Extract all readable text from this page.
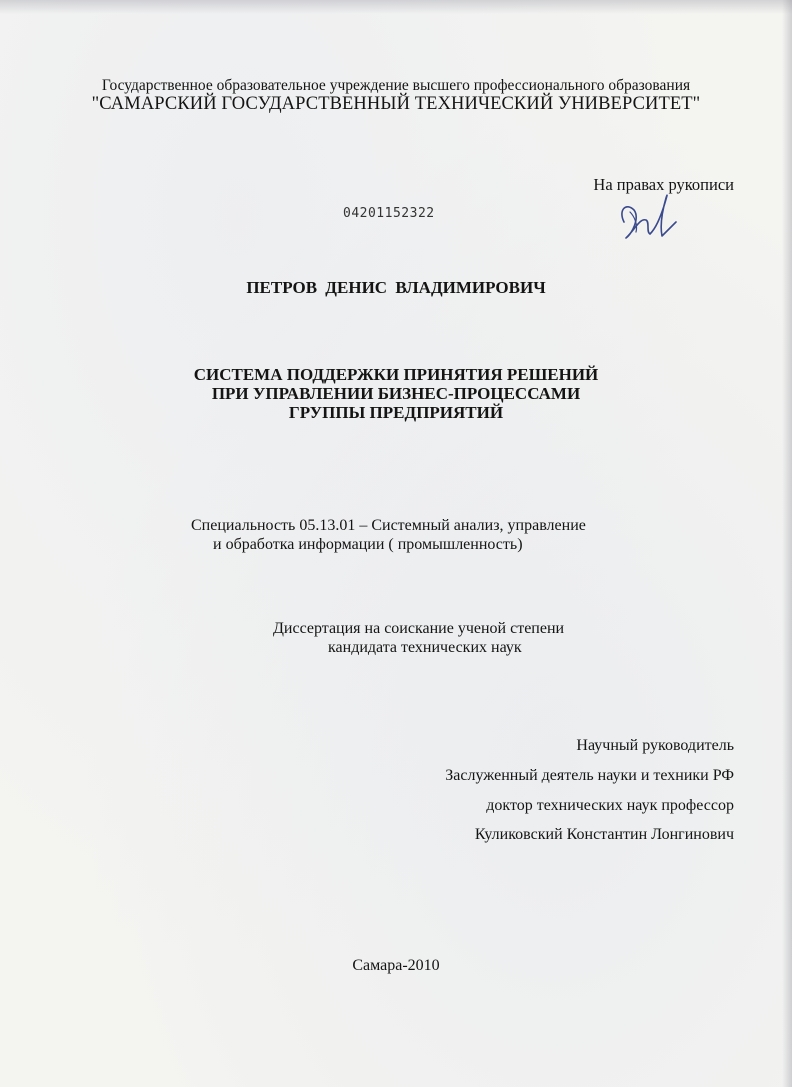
Государственное образовательное учреждение высшего профессионального образования
"САМАРСКИЙ ГОСУДАРСТВЕННЫЙ ТЕХНИЧЕСКИЙ УНИВЕРСИТЕТ"
На правах рукописи
04201152322
ПЕТРОВ ДЕНИС ВЛАДИМИРОВИЧ
СИСТЕМА ПОДДЕРЖКИ ПРИНЯТИЯ РЕШЕНИЙ
ПРИ УПРАВЛЕНИИ БИЗНЕС-ПРОЦЕССАМИ
ГРУППЫ ПРЕДПРИЯТИЙ
Специальность 05.13.01 – Системный анализ, управление
и обработка информации ( промышленность)
Диссертация на соискание ученой степени
кандидата технических наук
Научный руководитель
Заслуженный деятель науки и техники РФ
доктор технических наук профессор
Куликовский Константин Лонгинович
Самара-2010
